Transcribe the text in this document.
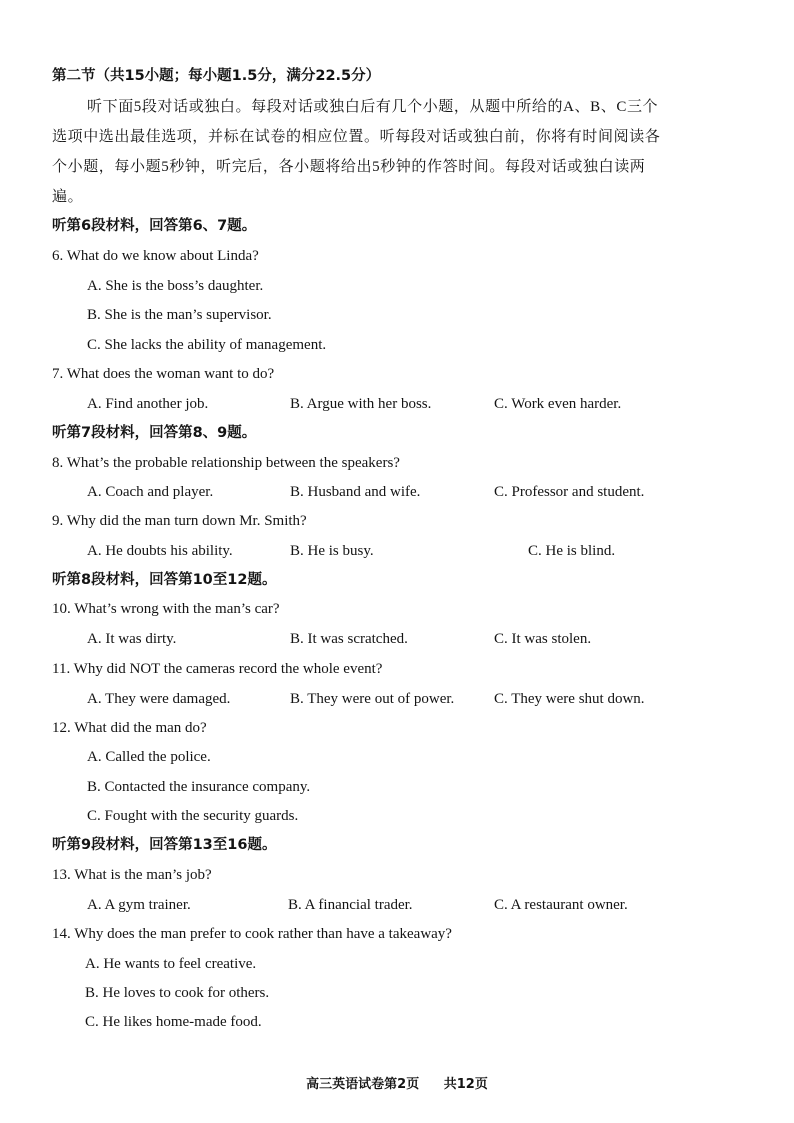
第二节（共15小题；每小题1.5分，满分22.5分）
听下面5段对话或独白。每段对话或独白后有几个小题，从题中所给的A、B、C三个
选项中选出最佳选项，并标在试卷的相应位置。听每段对话或独白前，你将有时间阅读各
个小题，每小题5秒钟，听完后，各小题将给出5秒钟的作答时间。每段对话或独白读两
遍。
听第6段材料，回答第6、7题。
6. What do we know about Linda?
A. She is the boss’s daughter.
B. She is the man’s supervisor.
C. She lacks the ability of management.
7. What does the woman want to do?
A. Find another job.	B. Argue with her boss.	C. Work even harder.
听第7段材料，回答第8、9题。
8. What’s the probable relationship between the speakers?
A. Coach and player.	B. Husband and wife.	C. Professor and student.
9. Why did the man turn down Mr. Smith?
A. He doubts his ability.	B. He is busy.	C. He is blind.
听第8段材料，回答第10至12题。
10. What’s wrong with the man’s car?
A. It was dirty.	B. It was scratched.	C. It was stolen.
11. Why did NOT the cameras record the whole event?
A. They were damaged.	B. They were out of power.	C. They were shut down.
12. What did the man do?
A. Called the police.
B. Contacted the insurance company.
C. Fought with the security guards.
听第9段材料，回答第13至16题。
13. What is the man’s job?
A. A gym trainer.	B. A financial trader.	C. A restaurant owner.
14. Why does the man prefer to cook rather than have a takeaway?
A. He wants to feel creative.
B. He loves to cook for others.
C. He likes home-made food.
高三英语试卷第2页 共12页
